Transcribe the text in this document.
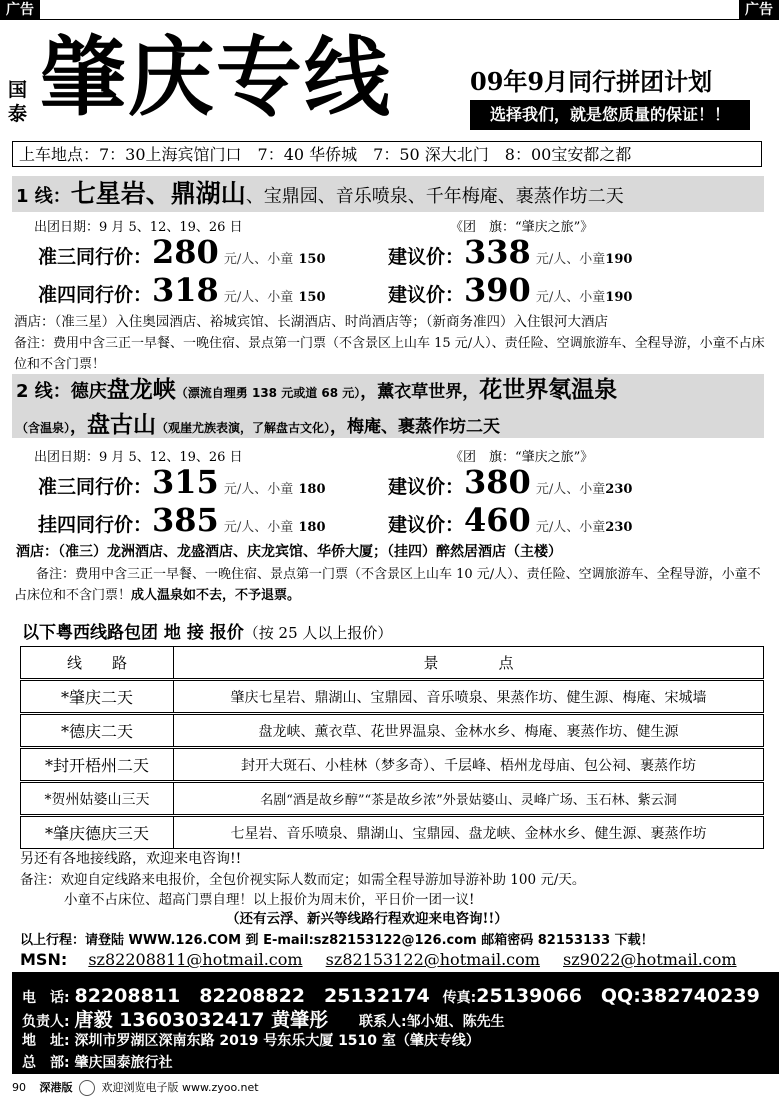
广告	广告
国泰 肇庆专线	09年9月同行拼团计划
选择我们，就是您质量的保证！！
上车地点：7：30上海宾馆门口　7：40 华侨城　7：50 深大北门　8：00宝安都之都
1 线：七星岩、鼎湖山、宝鼎园、音乐喷泉、千年梅庵、裹蒸作坊二天
出团日期：9 月 5、12、19、26 日	《团　旗：“肇庆之旅”》
准三同行价：280 元/人、小童 150	建议价：338 元/人、小童190
准四同行价：318 元/人、小童 150	建议价：390 元/人、小童190
酒店：（准三星）入住奥园酒店、裕城宾馆、长湖酒店、时尚酒店等；（新商务准四）入住银河大酒店
备注：费用中含三正一早餐、一晚住宿、景点第一门票（不含景区上山车 15 元/人）、责任险、空调旅游车、全程导游，小童不占床位和不含门票！
2 线：德庆盘龙峡（漂流自理勇 138 元或道 68 元），薰衣草世界，花世界氡温泉
（含温泉），盘古山（观崖尤族表演，了解盘古文化），梅庵、裹蒸作坊二天
出团日期：9 月 5、12、19、26 日	《团　旗：“肇庆之旅”》
准三同行价：315 元/人、小童 180	建议价：380 元/人、小童230
挂四同行价：385 元/人、小童 180	建议价：460 元/人、小童230
酒店：（准三）龙洲酒店、龙盛酒店、庆龙宾馆、华侨大厦；（挂四）醉然居酒店（主楼）
备注：费用中含三正一早餐、一晚住宿、景点第一门票（不含景区上山车 10 元/人）、责任险、空调旅游车、全程导游，小童不占床位和不含门票！成人温泉如不去，不予退票。
以下粤西线路包团 地 接 报价（按 25 人以上报价）
线　　路	景　　　　点
*肇庆二天	肇庆七星岩、鼎湖山、宝鼎园、音乐喷泉、果蒸作坊、健生源、梅庵、宋城墙
*德庆二天	盘龙峡、薰衣草、花世界温泉、金林水乡、梅庵、裹蒸作坊、健生源
*封开梧州二天	封开大斑石、小桂林（梦多奇）、千层峰、梧州龙母庙、包公祠、裹蒸作坊
*贺州姑婆山三天	名剧“酒是故乡醇”“茶是故乡浓”外景姑婆山、灵峰广场、玉石林、紫云洞
*肇庆德庆三天	七星岩、音乐喷泉、鼎湖山、宝鼎园、盘龙峡、金林水乡、健生源、裹蒸作坊
另还有各地接线路，欢迎来电咨询!!
备注：欢迎自定线路来电报价，全包价视实际人数而定；如需全程导游加导游补助 100 元/天。
小童不占床位、超高门票自理！以上报价为周末价，平日价一团一议!
（还有云浮、新兴等线路行程欢迎来电咨询!!）
以上行程：请登陆 WWW.126.COM 到 E-mail:sz82153122@126.com 邮箱密码 82153133 下载！
MSN: sz82208811@hotmail.com sz82153122@hotmail.com sz9022@hotmail.com
电　话: 82208811　82208822　25132174 传真:25139066 QQ:382740239
负责人: 唐毅 13603032417 黄肇彤 联系人:邹小姐、陈先生
地　址: 深圳市罗湖区深南东路 2019 号东乐大厦 1510 室（肇庆专线）
总　部: 肇庆国泰旅行社
90 深港版	欢迎浏览电子版 www.zyoo.net
